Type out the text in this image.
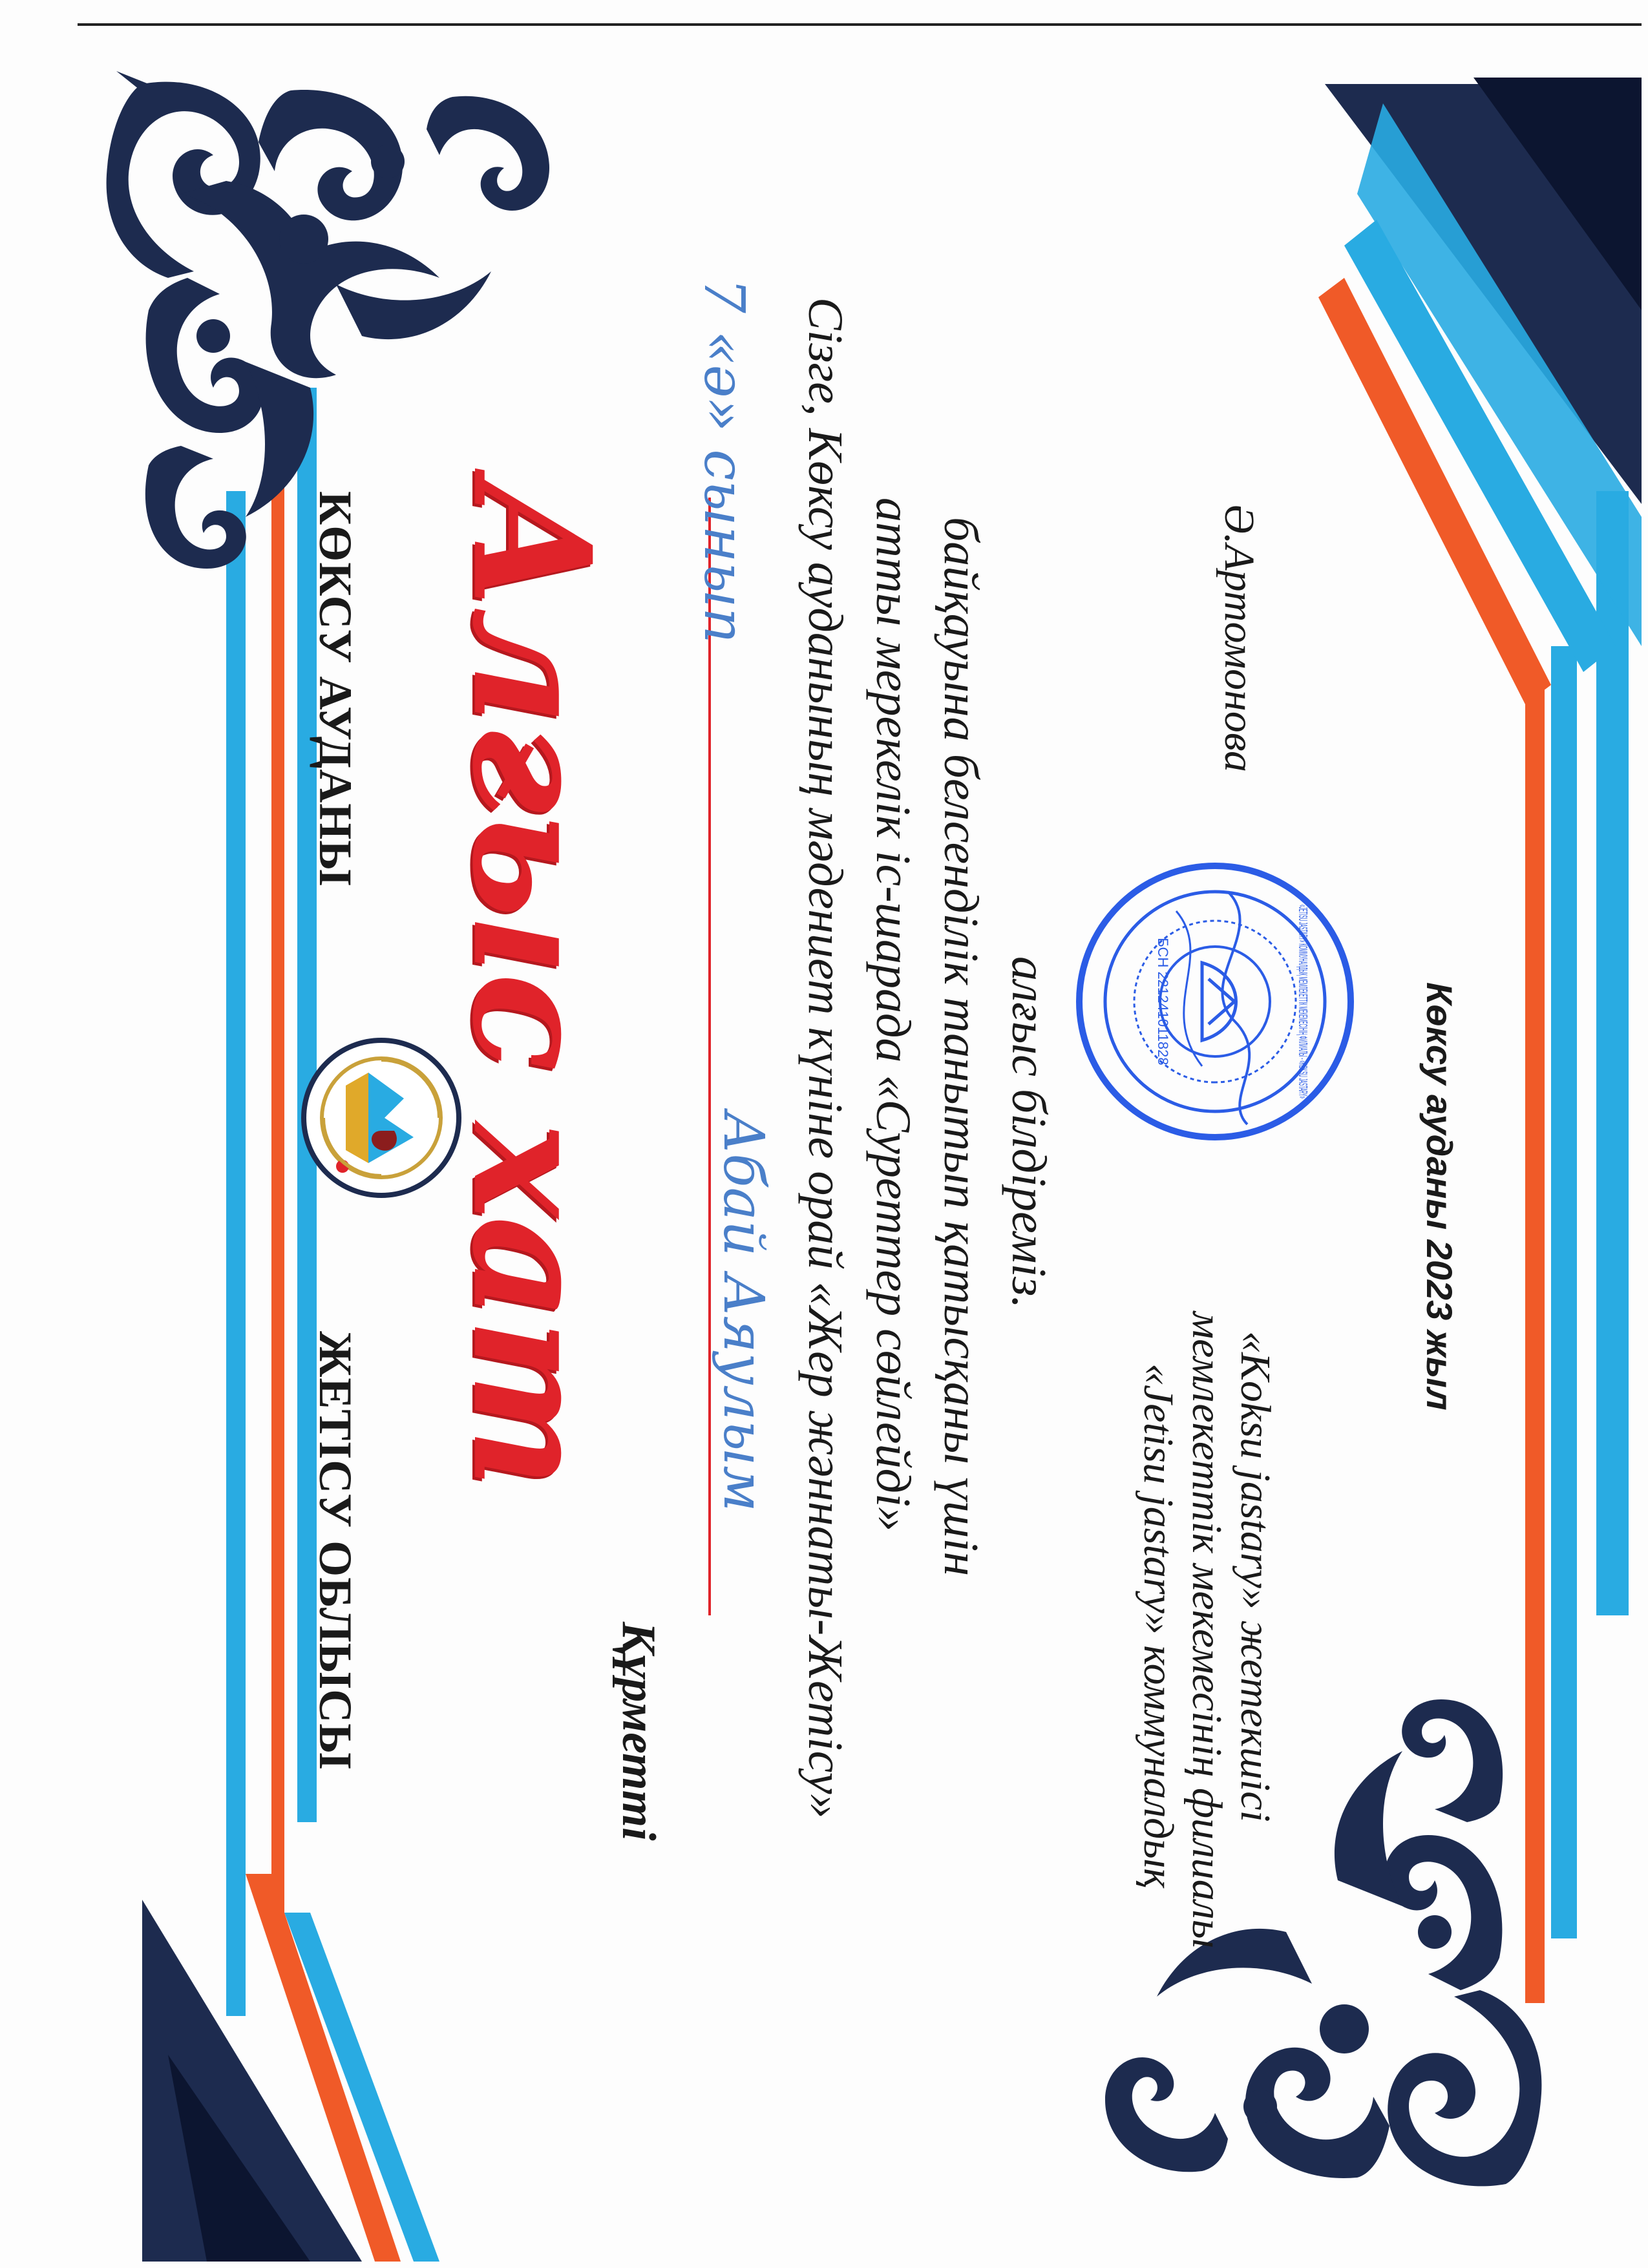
ЖЕТІСУ ОБЛЫСЫ
КӨКСУ АУДАНЫ Алғыс хат
Құрметті
Абай Аяулым
7 «ә» сынып Сізге, Көксу ауданының мәдениет күніне орай «Жер жәннаты-Жетісу» атты мерекелік іс-шарада «Суреттер сөйлейді» байқауына белсенділік танытып қатысқаны үшін алғыс білдіреміз.
«Jetisu jastary» коммуналдық мемлекеттік мекемесінің филиалы «Koksu jastary» жетекшісі
Ә.Артомонова
БСН 221241011828	«JETISU JASTARY» КОММУНАЛДЫҚ МЕМЛЕКЕТТІК МЕКЕМЕСІНІҢ ФИЛИАЛЫ - «KOKSU JASTARY»	Көксу ауданы 2023 жыл
